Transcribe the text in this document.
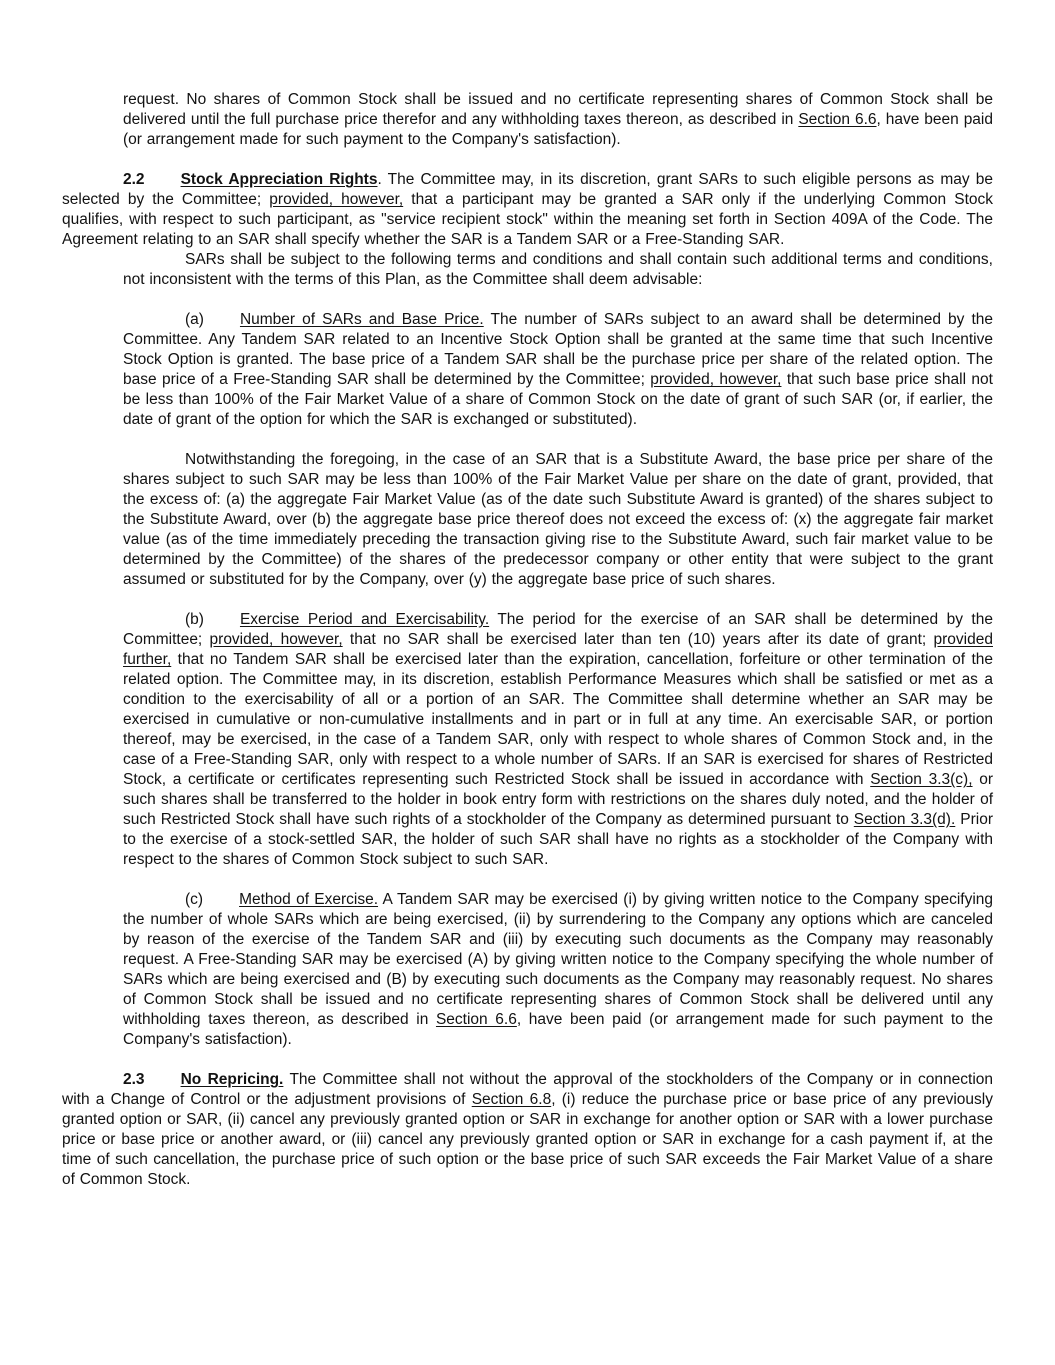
request. No shares of Common Stock shall be issued and no certificate representing shares of Common Stock shall be delivered until the full purchase price therefor and any withholding taxes thereon, as described in Section 6.6, have been paid (or arrangement made for such payment to the Company's satisfaction).

2.2 Stock Appreciation Rights. The Committee may, in its discretion, grant SARs to such eligible persons as may be selected by the Committee; provided, however, that a participant may be granted a SAR only if the underlying Common Stock qualifies, with respect to such participant, as "service recipient stock" within the meaning set forth in Section 409A of the Code. The Agreement relating to an SAR shall specify whether the SAR is a Tandem SAR or a Free-Standing SAR.

SARs shall be subject to the following terms and conditions and shall contain such additional terms and conditions, not inconsistent with the terms of this Plan, as the Committee shall deem advisable:

(a) Number of SARs and Base Price. The number of SARs subject to an award shall be determined by the Committee. Any Tandem SAR related to an Incentive Stock Option shall be granted at the same time that such Incentive Stock Option is granted. The base price of a Tandem SAR shall be the purchase price per share of the related option. The base price of a Free-Standing SAR shall be determined by the Committee; provided, however, that such base price shall not be less than 100% of the Fair Market Value of a share of Common Stock on the date of grant of such SAR (or, if earlier, the date of grant of the option for which the SAR is exchanged or substituted).

Notwithstanding the foregoing, in the case of an SAR that is a Substitute Award, the base price per share of the shares subject to such SAR may be less than 100% of the Fair Market Value per share on the date of grant, provided, that the excess of: (a) the aggregate Fair Market Value (as of the date such Substitute Award is granted) of the shares subject to the Substitute Award, over (b) the aggregate base price thereof does not exceed the excess of: (x) the aggregate fair market value (as of the time immediately preceding the transaction giving rise to the Substitute Award, such fair market value to be determined by the Committee) of the shares of the predecessor company or other entity that were subject to the grant assumed or substituted for by the Company, over (y) the aggregate base price of such shares.

(b) Exercise Period and Exercisability. The period for the exercise of an SAR shall be determined by the Committee; provided, however, that no SAR shall be exercised later than ten (10) years after its date of grant; provided further, that no Tandem SAR shall be exercised later than the expiration, cancellation, forfeiture or other termination of the related option. The Committee may, in its discretion, establish Performance Measures which shall be satisfied or met as a condition to the exercisability of all or a portion of an SAR. The Committee shall determine whether an SAR may be exercised in cumulative or non-cumulative installments and in part or in full at any time. An exercisable SAR, or portion thereof, may be exercised, in the case of a Tandem SAR, only with respect to whole shares of Common Stock and, in the case of a Free-Standing SAR, only with respect to a whole number of SARs. If an SAR is exercised for shares of Restricted Stock, a certificate or certificates representing such Restricted Stock shall be issued in accordance with Section 3.3(c), or such shares shall be transferred to the holder in book entry form with restrictions on the shares duly noted, and the holder of such Restricted Stock shall have such rights of a stockholder of the Company as determined pursuant to Section 3.3(d). Prior to the exercise of a stock-settled SAR, the holder of such SAR shall have no rights as a stockholder of the Company with respect to the shares of Common Stock subject to such SAR.

(c) Method of Exercise. A Tandem SAR may be exercised (i) by giving written notice to the Company specifying the number of whole SARs which are being exercised, (ii) by surrendering to the Company any options which are canceled by reason of the exercise of the Tandem SAR and (iii) by executing such documents as the Company may reasonably request. A Free-Standing SAR may be exercised (A) by giving written notice to the Company specifying the whole number of SARs which are being exercised and (B) by executing such documents as the Company may reasonably request. No shares of Common Stock shall be issued and no certificate representing shares of Common Stock shall be delivered until any withholding taxes thereon, as described in Section 6.6, have been paid (or arrangement made for such payment to the Company's satisfaction).

2.3 No Repricing. The Committee shall not without the approval of the stockholders of the Company or in connection with a Change of Control or the adjustment provisions of Section 6.8, (i) reduce the purchase price or base price of any previously granted option or SAR, (ii) cancel any previously granted option or SAR in exchange for another option or SAR with a lower purchase price or base price or another award, or (iii) cancel any previously granted option or SAR in exchange for a cash payment if, at the time of such cancellation, the purchase price of such option or the base price of such SAR exceeds the Fair Market Value of a share of Common Stock.
